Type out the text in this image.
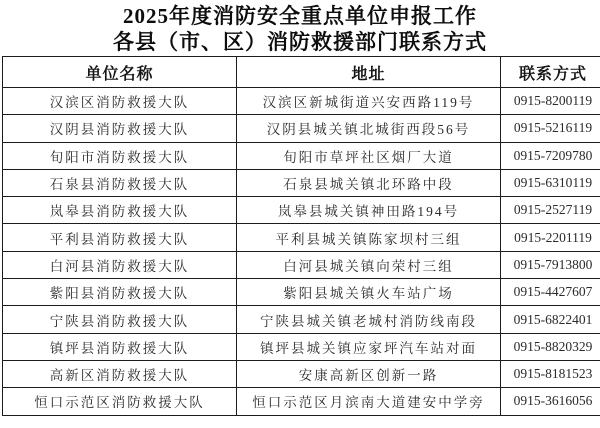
2025年度消防安全重点单位申报工作
各县（市、区）消防救援部门联系方式
单位名称	地址	联系方式
汉滨区消防救援大队	汉滨区新城街道兴安西路119号	0915-8200119
汉阴县消防救援大队	汉阴县城关镇北城街西段56号	0915-5216119
旬阳市消防救援大队	旬阳市草坪社区烟厂大道	0915-7209780
石泉县消防救援大队	石泉县城关镇北环路中段	0915-6310119
岚皋县消防救援大队	岚皋县城关镇神田路194号	0915-2527119
平利县消防救援大队	平利县城关镇陈家坝村三组	0915-2201119
白河县消防救援大队	白河县城关镇向荣村三组	0915-7913800
紫阳县消防救援大队	紫阳县城关镇火车站广场	0915-4427607
宁陕县消防救援大队	宁陕县城关镇老城村消防线南段	0915-6822401
镇坪县消防救援大队	镇坪县城关镇应家坪汽车站对面	0915-8820329
高新区消防救援大队	安康高新区创新一路	0915-8181523
恒口示范区消防救援大队	恒口示范区月滨南大道建安中学旁	0915-3616056
